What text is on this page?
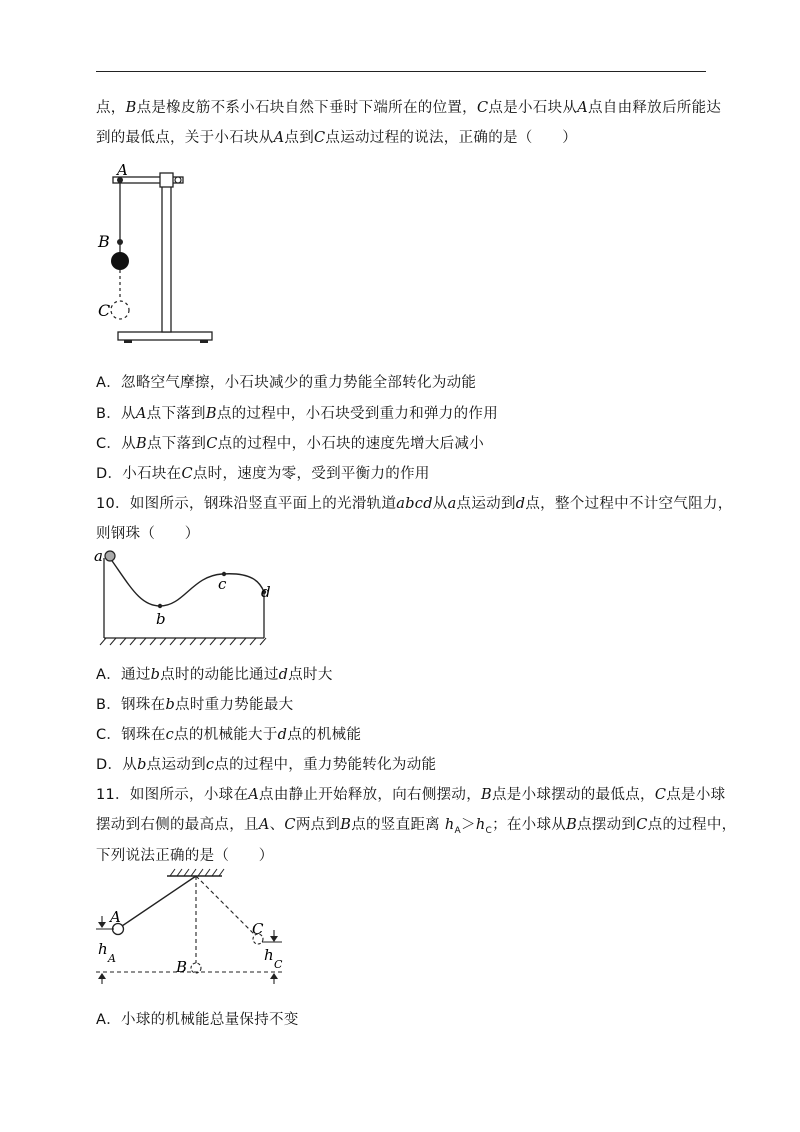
点，B点是橡皮筋不系小石块自然下垂时下端所在的位置，C点是小石块从A点自由释放后所能达
到的最低点，关于小石块从A点到C点运动过程的说法，正确的是（　　）
A
B
C
A．忽略空气摩擦，小石块减少的重力势能全部转化为动能
B．从A点下落到B点的过程中，小石块受到重力和弹力的作用
C．从B点下落到C点的过程中，小石块的速度先增大后减小
D．小石块在C点时，速度为零，受到平衡力的作用
10．如图所示，钢珠沿竖直平面上的光滑轨道abcd从a点运动到d点，整个过程中不计空气阻力，
则钢珠（　　）
a
b
c d
A．通过b点时的动能比通过d点时大
B．钢珠在b点时重力势能最大
C．钢珠在c点的机械能大于d点的机械能
D．从b点运动到c点的过程中，重力势能转化为动能
11．如图所示，小球在A点由静止开始释放，向右侧摆动，B点是小球摆动的最低点，C点是小球
摆动到右侧的最高点，且A、C两点到B点的竖直距离 $h_A>h_C$；在小球从B点摆动到C点的过程中，
下列说法正确的是（　　）
A
B
C
h
A	h
C
A．小球的机械能总量保持不变
